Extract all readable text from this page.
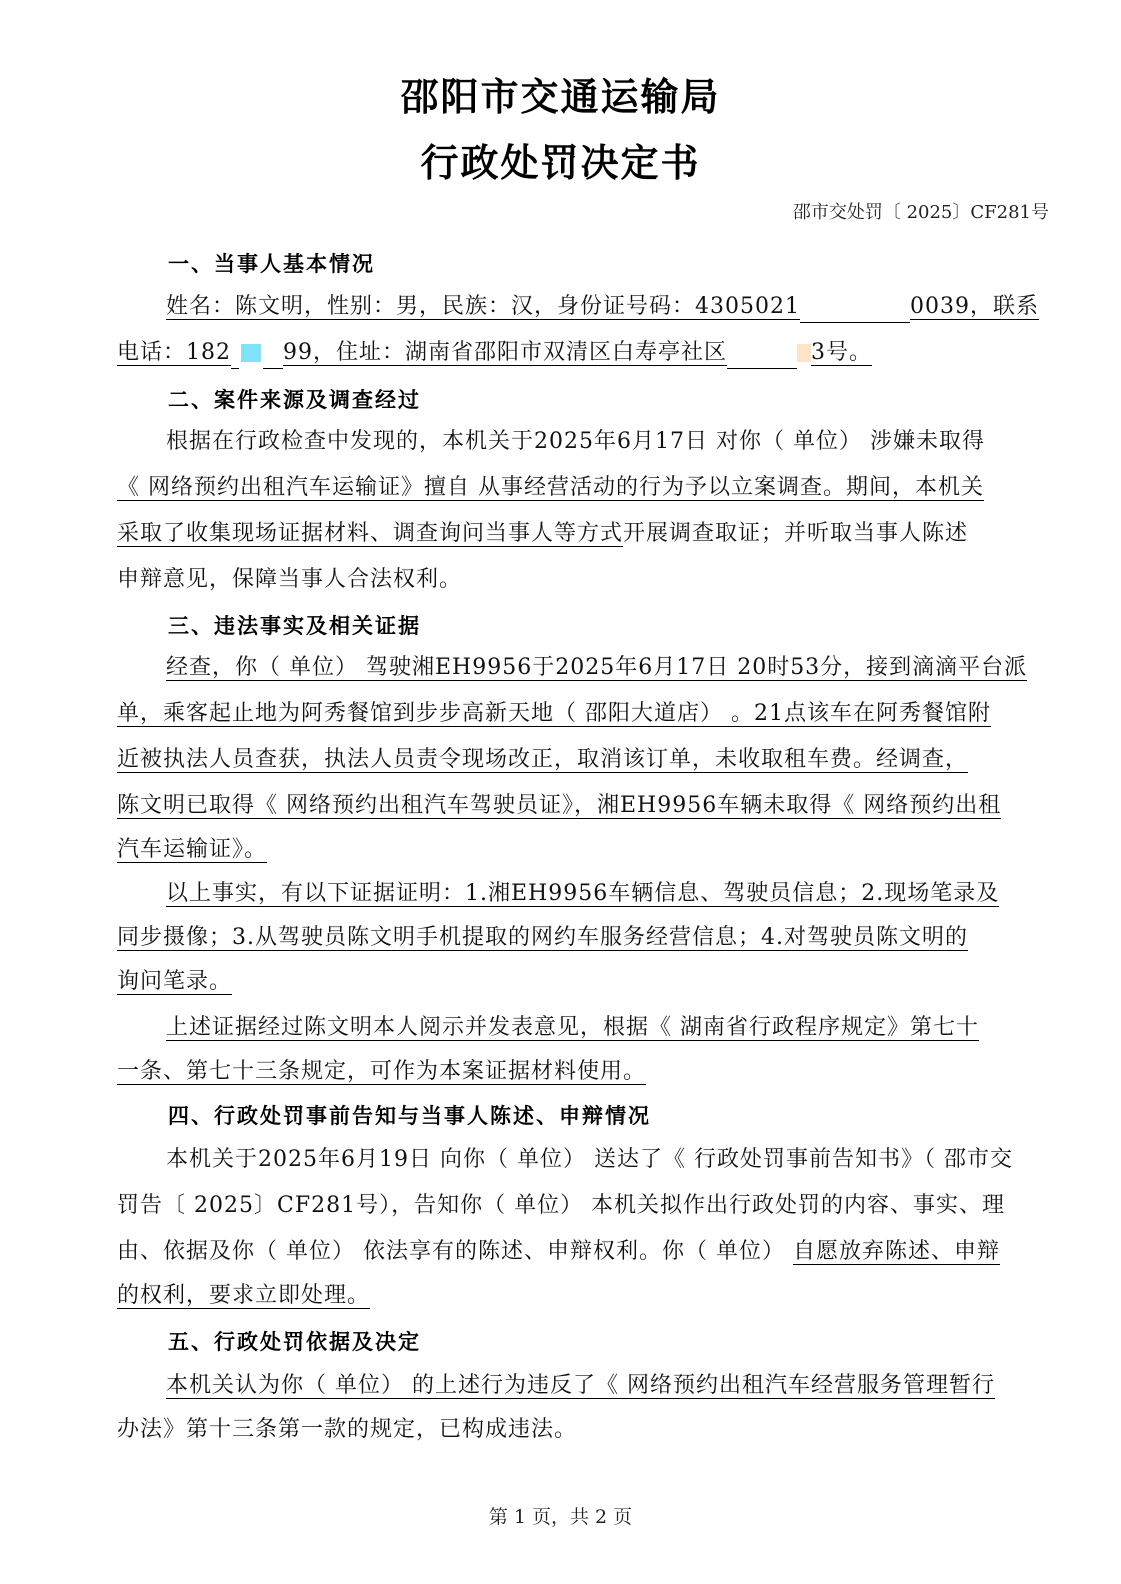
邵阳市交通运输局
行政处罚决定书
邵市交处罚〔 2025〕CF281号
一、当事人基本情况
姓名：陈文明，性别：男，民族：汉，身份证号码：4305021	0039，联系
电话：182 99，住址：湖南省邵阳市双清区白寿亭社区	3号。
二、案件来源及调查经过
根据在行政检查中发现的，本机关于2025年6月17日 对你（ 单位） 涉嫌未取得
《 网络预约出租汽车运输证》擅自 从事经营活动的行为予以立案调查。期间，本机关
采取了收集现场证据材料、调查询问当事人等方式开展调查取证；并听取当事人陈述
申辩意见，保障当事人合法权利。
三、违法事实及相关证据
经查，你（ 单位） 驾驶湘EH9956于2025年6月17日 20时53分，接到滴滴平台派
单，乘客起止地为阿秀餐馆到步步高新天地（ 邵阳大道店） 。21点该车在阿秀餐馆附
近被执法人员查获，执法人员责令现场改正，取消该订单，未收取租车费。经调查，
陈文明已取得《 网络预约出租汽车驾驶员证》，湘EH9956车辆未取得《 网络预约出租
汽车运输证》。
以上事实，有以下证据证明：1.湘EH9956车辆信息、驾驶员信息；2.现场笔录及
同步摄像；3.从驾驶员陈文明手机提取的网约车服务经营信息；4.对驾驶员陈文明的
询问笔录。
上述证据经过陈文明本人阅示并发表意见，根据《 湖南省行政程序规定》第七十
一条、第七十三条规定，可作为本案证据材料使用。
四、行政处罚事前告知与当事人陈述、申辩情况
本机关于2025年6月19日 向你（ 单位） 送达了《 行政处罚事前告知书》（ 邵市交
罚告〔 2025〕CF281号），告知你（ 单位） 本机关拟作出行政处罚的内容、事实、理
由、依据及你（ 单位） 依法享有的陈述、申辩权利。你（ 单位） 自愿放弃陈述、申辩
的权利，要求立即处理。
五、行政处罚依据及决定
本机关认为你（ 单位） 的上述行为违反了《 网络预约出租汽车经营服务管理暂行
办法》第十三条第一款的规定，已构成违法。
第 1 页，共 2 页
